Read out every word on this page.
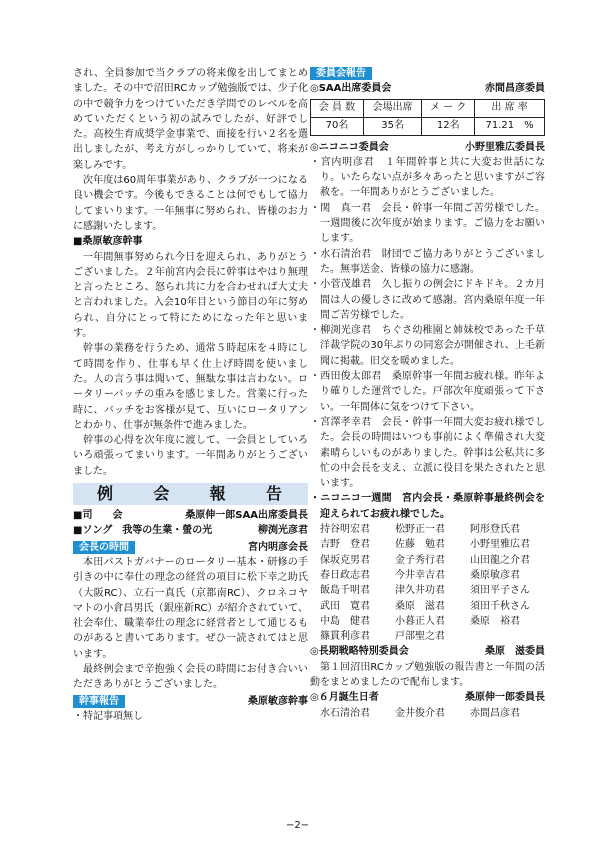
され、全員参加で当クラブの将来像を出してまとめました。その中で沼田RCカップ勉強版では、少子化の中で競争力をつけていただき学問でのレベルを高めていただくという初の試みでしたが、好評でした。高校生育成奨学金事業で、面接を行い２名を選出しましたが、考え方がしっかりしていて、将来が楽しみです。

次年度は60周年事業があり、クラブが一つになる良い機会です。今後もできることは何でもして協力してまいります。一年無事に努められ、皆様のお力に感謝いたします。

■桑原敏彦幹事

一年間無事努められ今日を迎えられ、ありがとうございました。２年前宮内会長に幹事はやはり無理と言ったところ、怒られ共に力を合わせれば大丈夫と言われました。入会10年目という節目の年に努められ、自分にとって特にためになった年と思います。

幹事の業務を行うため、通常５時起床を４時にして時間を作り、仕事も早く仕上げ時間を使いました。人の言う事は聞いて、無駄な事は言わない。ロータリーバッチの重みを感じました。営業に行った時に、バッチをお客様が見て、互いにロータリアンとわかり、仕事が無条件で進みました。

幹事の心得を次年度に渡して、一会員としていろいろ頑張ってまいります。一年間ありがとうございました。

例 会 報 告
■司　　会	桑原伸一郎SAA出席委員長
■ソング　我等の生業・螢の光	柳渕光彦君
会長の時間	宮内明彦会長

本田パストガバナーのロータリー基本・研修の手引きの中に奉仕の理念の経営の項目に松下幸之助氏（大阪RC）、立石一真氏（京都南RC）、クロネコヤマトの小倉昌男氏（銀座新RC）が紹介されていて、社会奉仕、職業奉仕の理念に経営者として通じるものがあると書いてあります。ぜひ一読されてはと思います。

最終例会まで辛抱強く会長の時間にお付き合いいただきありがとうございました。

幹事報告	桑原敏彦幹事

・特記事項無し

委員会報告
◎SAA出席委員会	赤間昌彦委員
会 員 数	会場出席	メ ー ク	出 席 率
70名	35名	12名	71.21　%
◎ニコニコ委員会	小野里雅広委員長

・宮内明彦君　１年間幹事と共に大変お世話になり。いたらない点が多々あったと思いますがご容赦を。一年間ありがとうございました。

・関　真一君　会長・幹事一年間ご苦労様でした。一週間後に次年度が始まります。ご協力をお願いします。

・水石清治君　財団でご協力ありがとうございました。無事送金、皆様の協力に感謝。

・小菅茂雄君　久し振りの例会にドキドキ。２カ月間は人の優しさに改めて感謝。宮内桑原年度一年間ご苦労様でした。

・柳渕光彦君　ちぐさ幼稚園と姉妹校であった千草洋裁学院の30年ぶりの同窓会が開催され、上毛新聞に掲載。旧交を暖めました。

・西田俊太郎君　桑原幹事一年間お疲れ様。昨年より確りした運営でした。戸部次年度頑張って下さい。一年間体に気をつけて下さい。

・宮澤孝幸君　会長・幹事一年間大変お疲れ様でした。会長の時間はいつも事前によく準備され大変素晴らしいものがありました。幹事は公私共に多忙の中会長を支え、立派に役目を果たされたと思います。

・ニコニコ一週間　宮内会長・桑原幹事最終例会を迎えられてお疲れ様でした。

持谷明宏君	松野正一君	阿形登氏君
吉野　登君	佐藤　勉君	小野里雅広君
保坂克男君	金子秀行君	山田龍之介君
春日政志君	今井幸吉君	桑原敏彦君
飯島千明君	津久井功君	須田平子さん
武田　寛君	桑原　滋君	須田千秋さん
中島　健君	小暮正人君	桑原　裕君
篠貫利彦君	戸部聖之君
◎長期戦略特別委員会	桑原　滋委員

第１回沼田RCカップ勉強版の報告書と一年間の活動をまとめましたので配布します。

◎６月誕生日者	桑原伸一郎委員長
水石清治君	金井俊介君	赤間昌彦君
−2−
